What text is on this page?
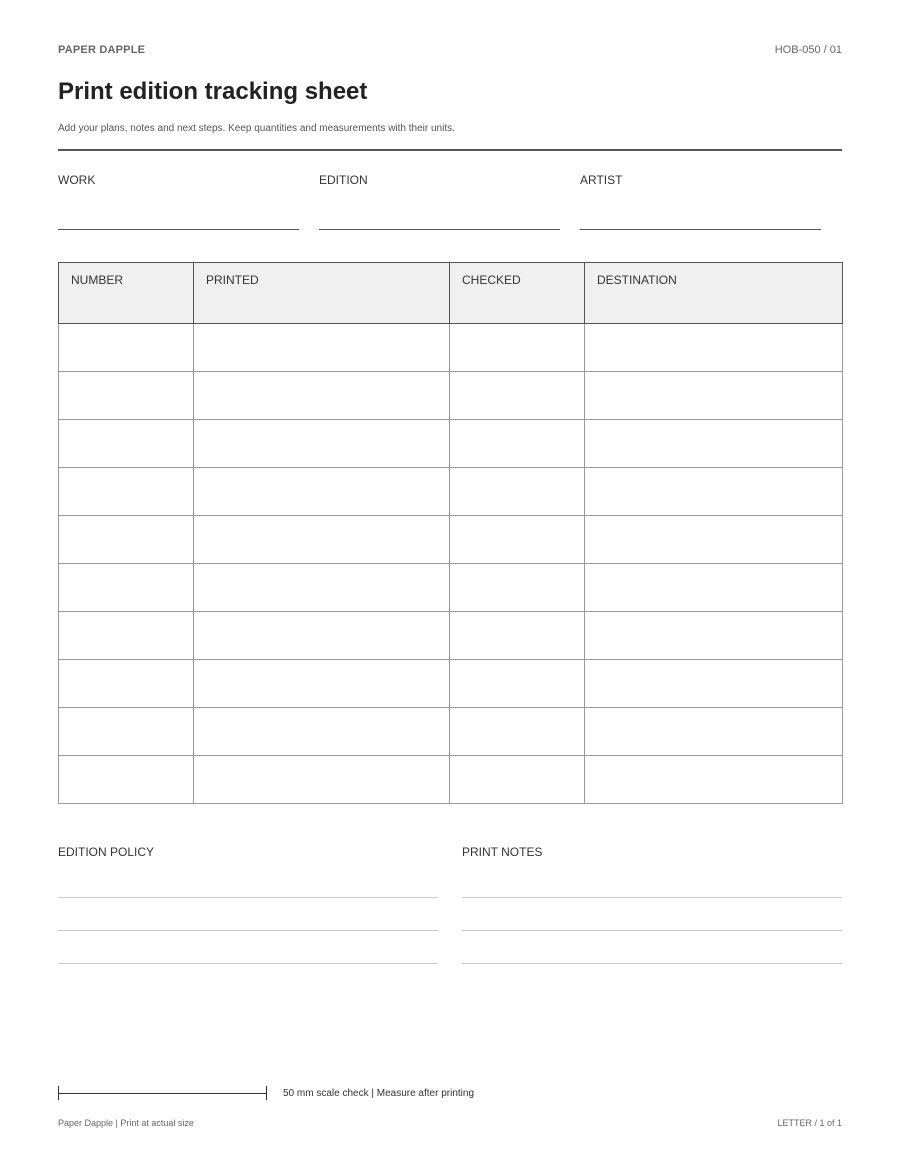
PAPER DAPPLE	HOB-050 / 01
Print edition tracking sheet
Add your plans, notes and next steps. Keep quantities and measurements with their units.
WORK	EDITION	ARTIST
NUMBER	PRINTED	CHECKED	DESTINATION

EDITION POLICY	PRINT NOTES
50 mm scale check | Measure after printing
Paper Dapple | Print at actual size	LETTER / 1 of 1
